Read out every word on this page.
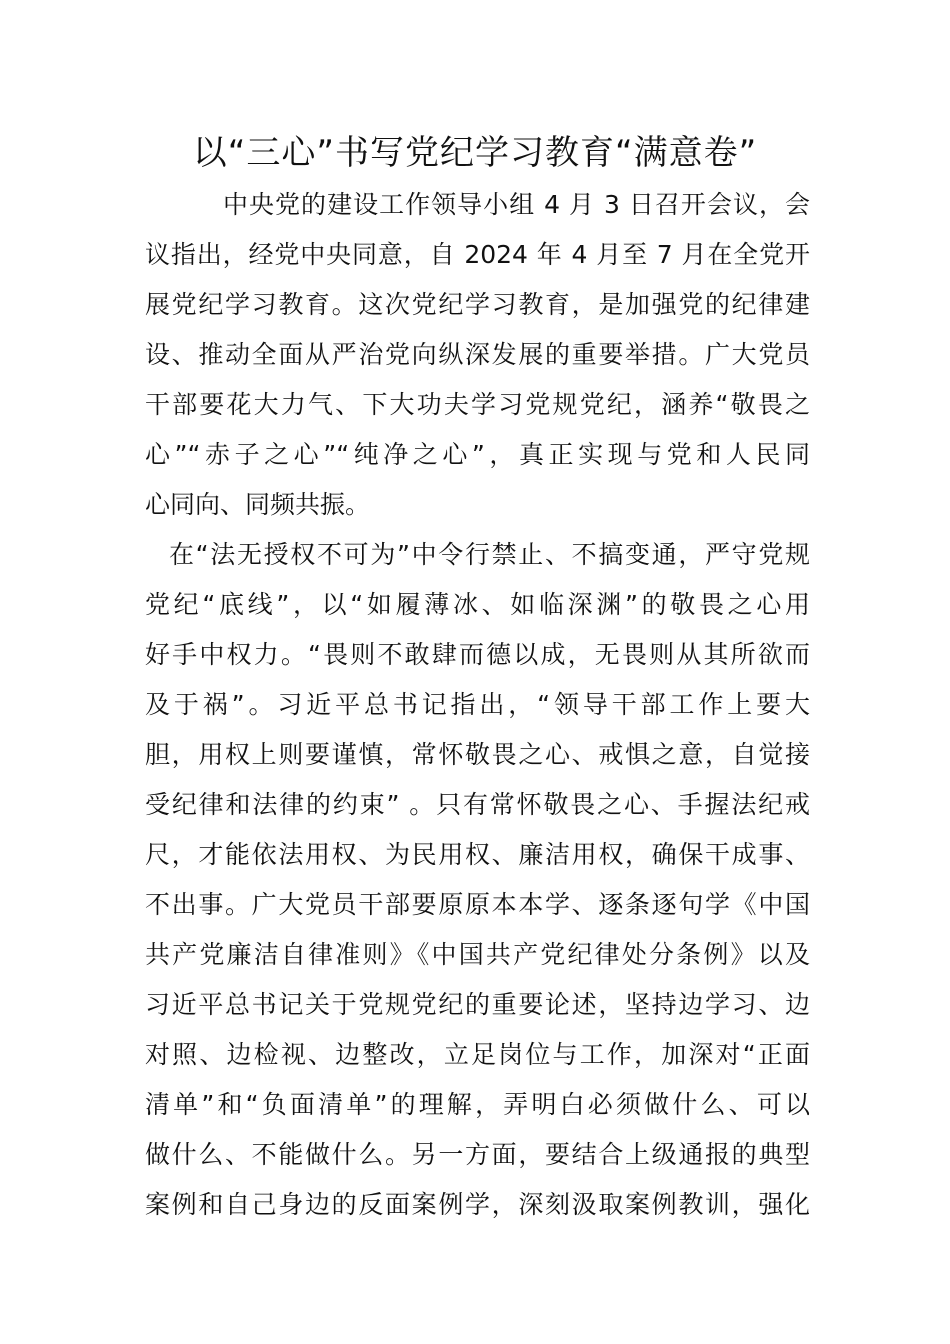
以“三心”书写党纪学习教育“满意卷”
中央党的建设工作领导小组 4 月 3 日召开会议，会
议指出，经党中央同意，自 2024 年 4 月至 7 月在全党开
展党纪学习教育。这次党纪学习教育，是加强党的纪律建
设、推动全面从严治党向纵深发展的重要举措。广大党员
干部要花大力气、下大功夫学习党规党纪，涵养“敬畏之
心”“赤子之心”“纯净之心”，真正实现与党和人民同
心同向、同频共振。
在“法无授权不可为”中令行禁止、不搞变通，严守党规
党纪“底线”，以“如履薄冰、如临深渊”的敬畏之心用
好手中权力。“畏则不敢肆而德以成，无畏则从其所欲而
及于祸”。习近平总书记指出，“领导干部工作上要大
胆，用权上则要谨慎，常怀敬畏之心、戒惧之意，自觉接
受纪律和法律的约束” 。只有常怀敬畏之心、手握法纪戒
尺，才能依法用权、为民用权、廉洁用权，确保干成事、
不出事。广大党员干部要原原本本学、逐条逐句学《中国
共产党廉洁自律准则》《中国共产党纪律处分条例》以及
习近平总书记关于党规党纪的重要论述，坚持边学习、边
对照、边检视、边整改，立足岗位与工作，加深对“正面
清单”和“负面清单”的理解，弄明白必须做什么、可以
做什么、不能做什么。另一方面，要结合上级通报的典型
案例和自己身边的反面案例学，深刻汲取案例教训，强化
